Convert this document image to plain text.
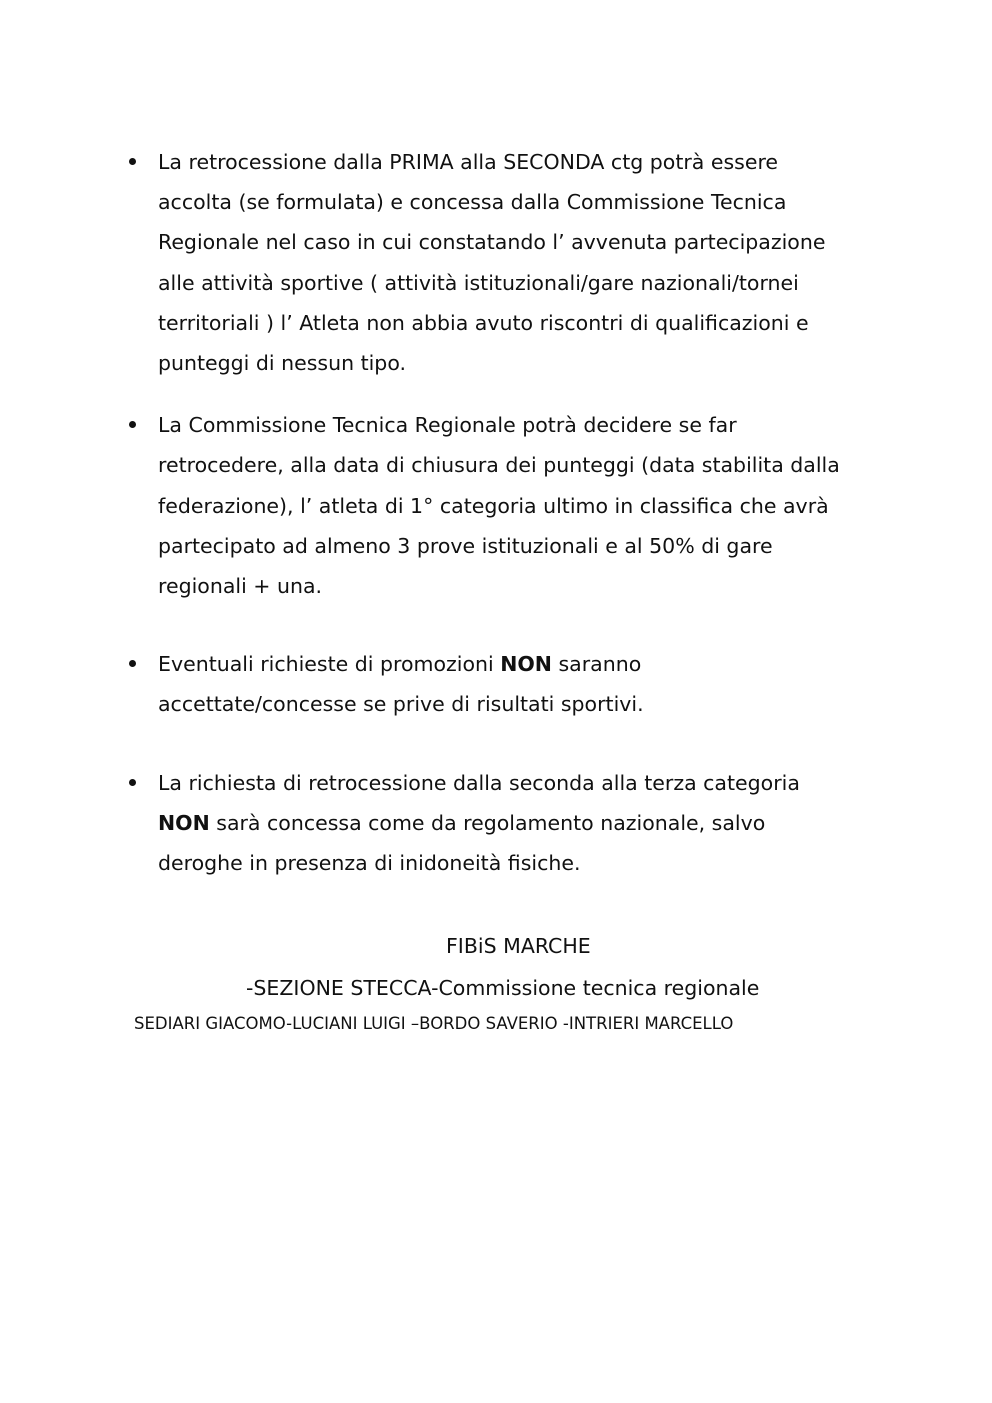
La retrocessione dalla PRIMA alla SECONDA ctg potrà essere
accolta (se formulata) e concessa dalla Commissione Tecnica
Regionale nel caso in cui constatando l’ avvenuta partecipazione
alle attività sportive ( attività istituzionali/gare nazionali/tornei
territoriali ) l’ Atleta non abbia avuto riscontri di qualificazioni e
punteggi di nessun tipo.
La Commissione Tecnica Regionale potrà decidere se far
retrocedere, alla data di chiusura dei punteggi (data stabilita dalla
federazione), l’ atleta di 1° categoria ultimo in classifica che avrà
partecipato ad almeno 3 prove istituzionali e al 50% di gare
regionali + una.
Eventuali richieste di promozioni NON saranno
accettate/concesse se prive di risultati sportivi.
La richiesta di retrocessione dalla seconda alla terza categoria
NON sarà concessa come da regolamento nazionale, salvo
deroghe in presenza di inidoneità fisiche.
FIBiS MARCHE
-SEZIONE STECCA-Commissione tecnica regionale
SEDIARI GIACOMO-LUCIANI LUIGI –BORDO SAVERIO -INTRIERI MARCELLO
